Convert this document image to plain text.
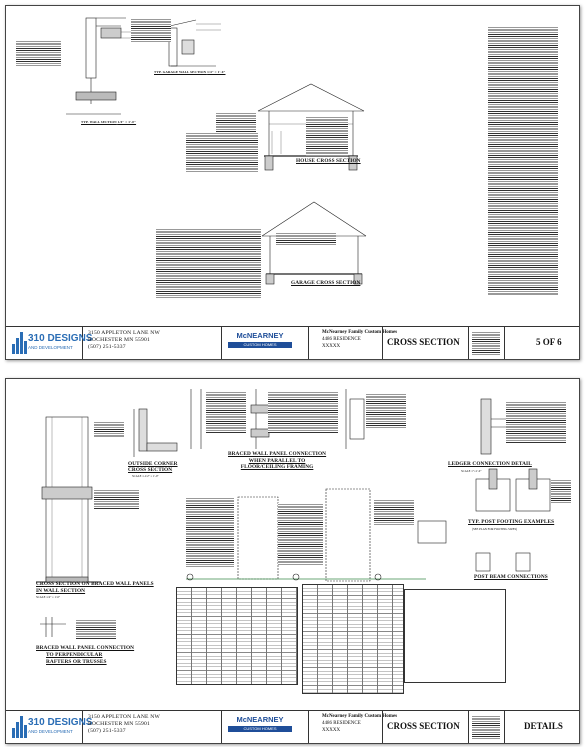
TYP. WALL SECTION 1/4" = 1'-0"
TYP. GARAGE WALL SECTION 1/4" = 1'-0"
HOUSE CROSS SECTION
GARAGE CROSS SECTION
310 DESIGNS
AND DEVELOPMENT
3150 APPLETON LANE NW
ROCHESTER MN 55901
(507) 251-5337
McNEARNEY
CUSTOM HOMES
McNearney Family Custom Homes
4486 RESIDENCE
XXXXX	CROSS SECTION	5 OF 6
OUTSIDE CORNER
CROSS SECTION
SCALE 1-1/2" = 1'-0"
BRACED WALL PANEL CONNECTION
WHEN PARALLEL TO
FLOOR/CEILING FRAMING	LEDGER CONNECTION DETAIL
SCALE 1"=1'-0"
TYP. POST FOOTING EXAMPLES
(SEE PLAN FOR FOOTING SIZES)
POST BEAM CONNECTIONS
CROSS SECTION ON BRACED WALL PANELS
IN WALL SECTION
SCALE 1/4" = 1'-0"
BRACED WALL PANEL CONNECTION
TO PERPENDICULAR
RAFTERS OR TRUSSES
310 DESIGNS
AND DEVELOPMENT
3150 APPLETON LANE NW
ROCHESTER MN 55901
(507) 251-5337
McNEARNEY
CUSTOM HOMES
McNearney Family Custom Homes
4486 RESIDENCE
XXXXX	CROSS SECTION	DETAILS
